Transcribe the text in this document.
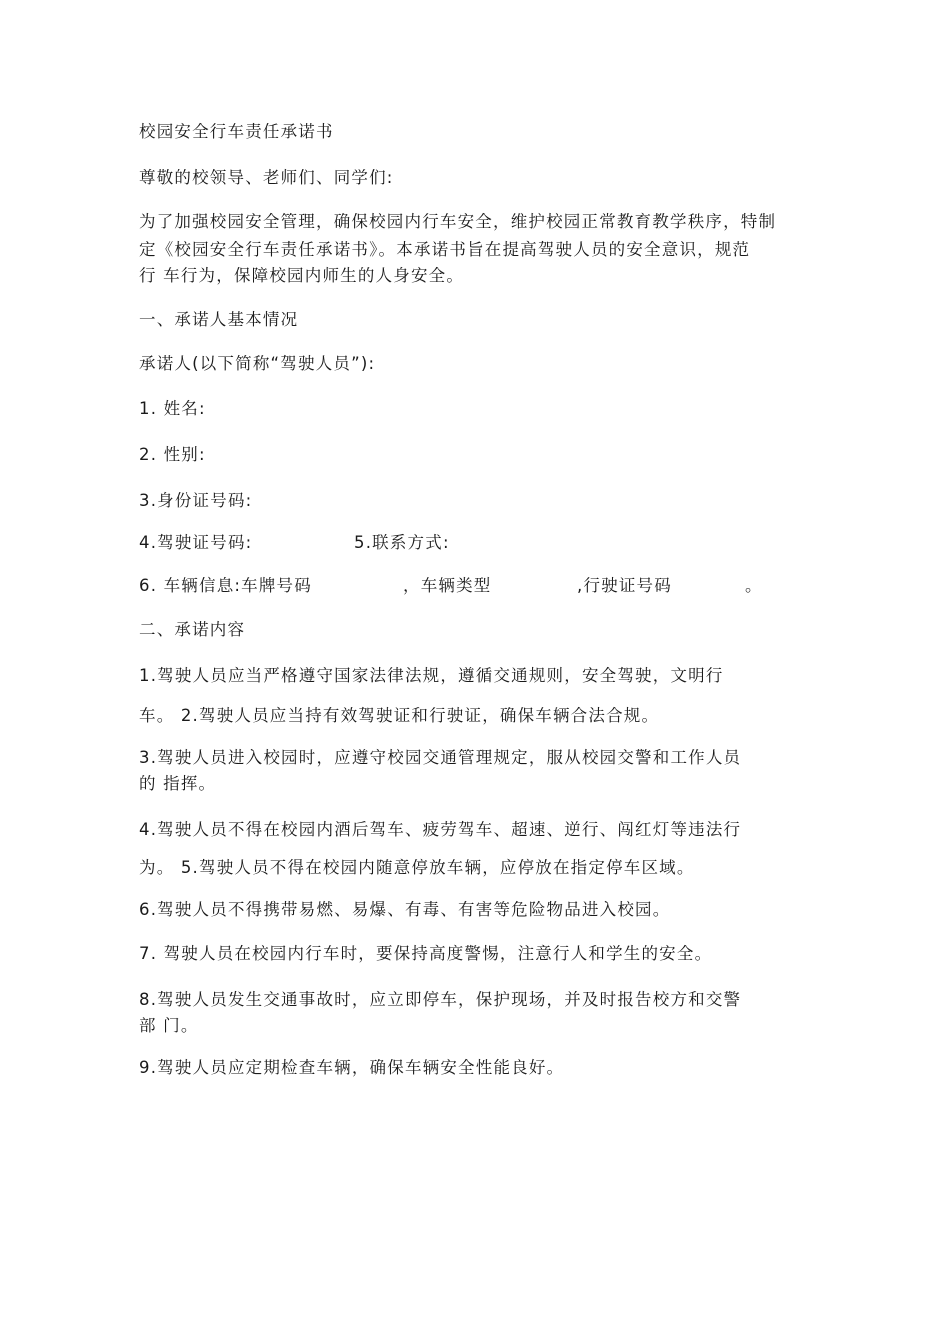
校园安全行车责任承诺书
尊敬的校领导、老师们、同学们:
为了加强校园安全管理，确保校园内行车安全，维护校园正常教育教学秩序，特制
定《校园安全行车责任承诺书》。本承诺书旨在提高驾驶人员的安全意识，规范
行 车行为，保障校园内师生的人身安全。
一、承诺人基本情况
承诺人(以下简称“驾驶人员”):
1. 姓名:
2. 性别:
3.身份证号码:
4.驾驶证号码:	5.联系方式:
6. 车辆信息:车牌号码	，车辆类型	,行驶证号码	。
二、承诺内容
1.驾驶人员应当严格遵守国家法律法规，遵循交通规则，安全驾驶，文明行
车。 2.驾驶人员应当持有效驾驶证和行驶证，确保车辆合法合规。
3.驾驶人员进入校园时，应遵守校园交通管理规定，服从校园交警和工作人员
的 指挥。
4.驾驶人员不得在校园内酒后驾车、疲劳驾车、超速、逆行、闯红灯等违法行
为。 5.驾驶人员不得在校园内随意停放车辆，应停放在指定停车区域。
6.驾驶人员不得携带易燃、易爆、有毒、有害等危险物品进入校园。
7. 驾驶人员在校园内行车时，要保持高度警惕，注意行人和学生的安全。
8.驾驶人员发生交通事故时，应立即停车，保护现场，并及时报告校方和交警
部 门。
9.驾驶人员应定期检查车辆，确保车辆安全性能良好。
